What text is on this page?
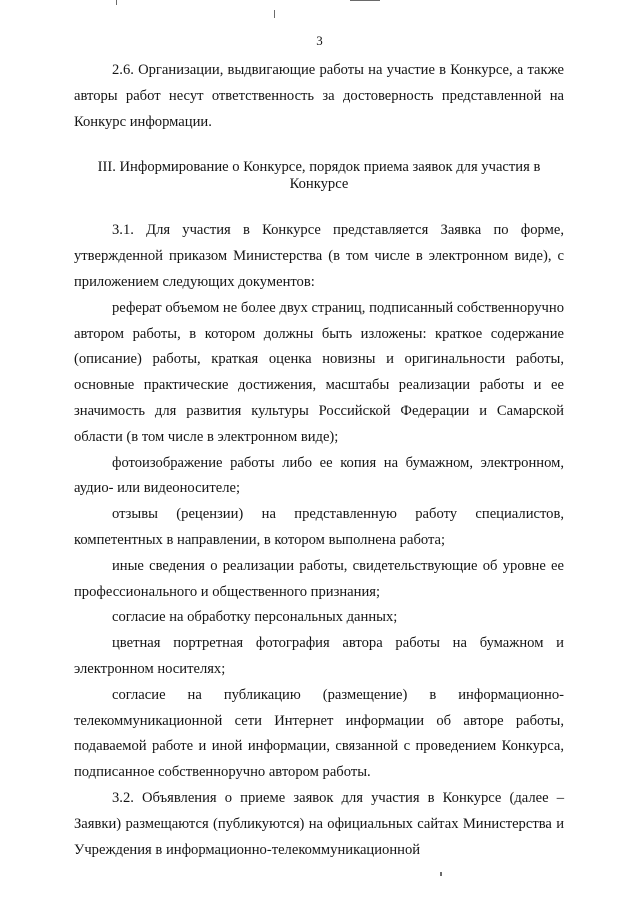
3

2.6. Организации, выдвигающие работы на участие в Конкурсе, а также авторы работ несут ответственность за достоверность представленной на Конкурс информации.

III. Информирование о Конкурсе, порядок приема заявок для участия в Конкурсе

3.1. Для участия в Конкурсе представляется Заявка по форме, утвержденной приказом Министерства (в том числе в электронном виде), с приложением следующих документов:

реферат объемом не более двух страниц, подписанный собственноручно автором работы, в котором должны быть изложены: краткое содержание (описание) работы, краткая оценка новизны и оригинальности работы, основные практические достижения, масштабы реализации работы и ее значимость для развития культуры Российской Федерации и Самарской области (в том числе в электронном виде);

фотоизображение работы либо ее копия на бумажном, электронном, аудио- или видеоносителе;

отзывы (рецензии) на представленную работу специалистов, компетентных в направлении, в котором выполнена работа;

иные сведения о реализации работы, свидетельствующие об уровне ее профессионального и общественного признания;

согласие на обработку персональных данных;

цветная портретная фотография автора работы на бумажном и электронном носителях;

согласие на публикацию (размещение) в информационно-телекоммуникационной сети Интернет информации об авторе работы, подаваемой работе и иной информации, связанной с проведением Конкурса, подписанное собственноручно автором работы.

3.2. Объявления о приеме заявок для участия в Конкурсе (далее – Заявки) размещаются (публикуются) на официальных сайтах Министерства и Учреждения в информационно-телекоммуникационной
